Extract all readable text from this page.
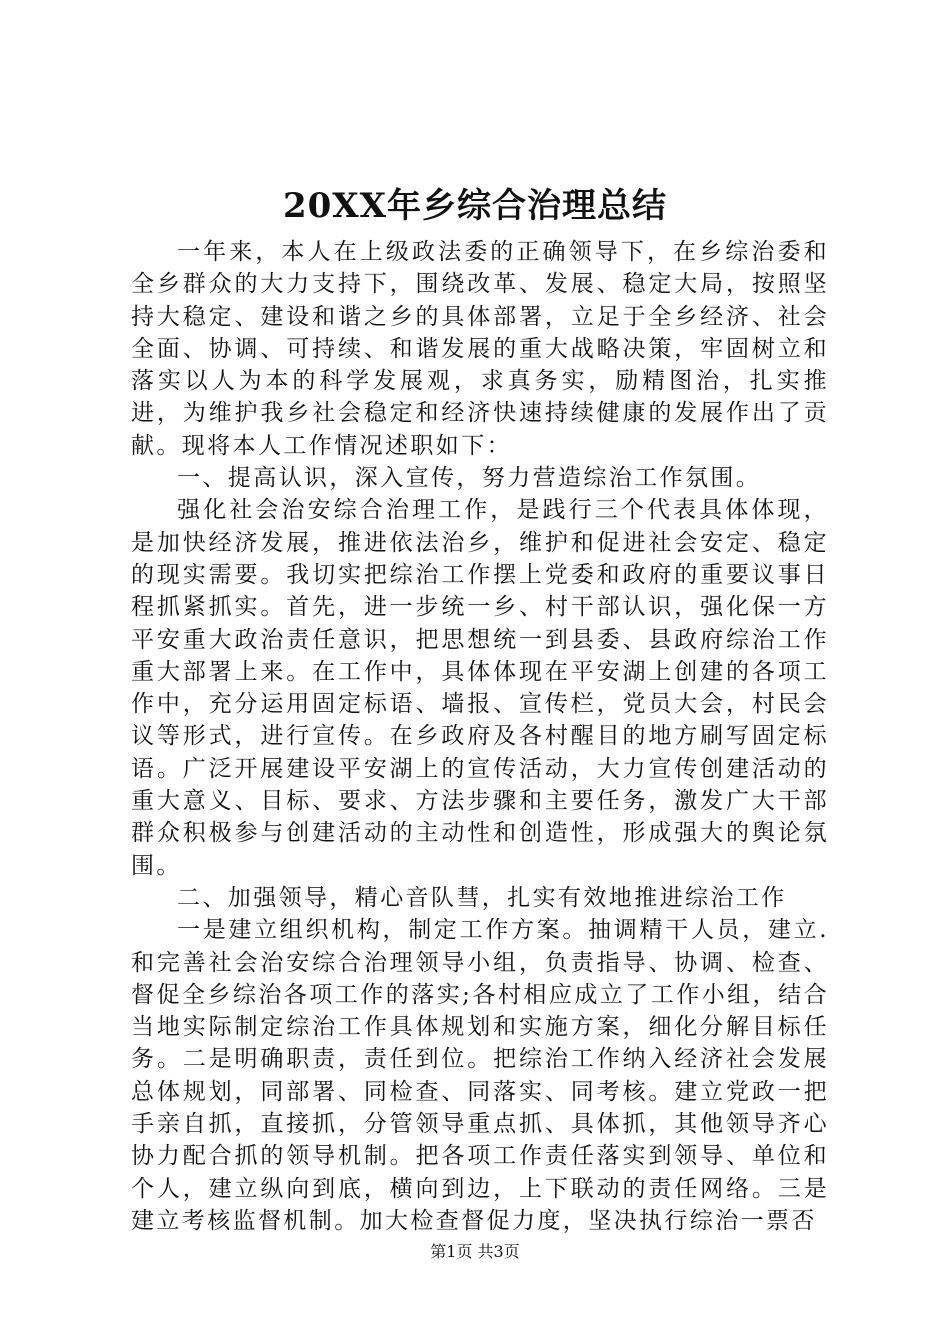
20XX年乡综合治理总结

一年来，本人在上级政法委的正确领导下，在乡综治委和全乡群众的大力支持下，围绕改革、发展、稳定大局，按照坚持大稳定、建设和谐之乡的具体部署，立足于全乡经济、社会全面、协调、可持续、和谐发展的重大战略决策，牢固树立和落实以人为本的科学发展观，求真务实，励精图治，扎实推进，为维护我乡社会稳定和经济快速持续健康的发展作出了贡献。现将本人工作情况述职如下：

一、提高认识，深入宣传，努力营造综治工作氛围。

强化社会治安综合治理工作，是践行三个代表具体体现，是加快经济发展，推进依法治乡，维护和促进社会安定、稳定的现实需要。我切实把综治工作摆上党委和政府的重要议事日程抓紧抓实。首先，进一步统一乡、村干部认识，强化保一方平安重大政治责任意识，把思想统一到县委、县政府综治工作重大部署上来。在工作中，具体体现在平安湖上创建的各项工作中，充分运用固定标语、墙报、宣传栏，党员大会，村民会议等形式，进行宣传。在乡政府及各村醒目的地方刷写固定标语。广泛开展建设平安湖上的宣传活动，大力宣传创建活动的重大意义、目标、要求、方法步骤和主要任务，激发广大干部群众积极参与创建活动的主动性和创造性，形成强大的舆论氛围。

二、加强领导，精心音队彗，扎实有效地推进综治工作

一是建立组织机构，制定工作方案。抽调精干人员，建立.和完善社会治安综合治理领导小组，负责指导、协调、检查、督促全乡综治各项工作的落实;各村相应成立了工作小组，结合当地实际制定综治工作具体规划和实施方案，细化分解目标任务。二是明确职责，责任到位。把综治工作纳入经济社会发展总体规划，同部署、同检查、同落实、同考核。建立党政一把手亲自抓，直接抓，分管领导重点抓、具体抓，其他领导齐心协力配合抓的领导机制。把各项工作责任落实到领导、单位和个人，建立纵向到底，横向到边，上下联动的责任网络。三是建立考核监督机制。加大检查督促力度，坚决执行综治一票否

第1页 共3页
